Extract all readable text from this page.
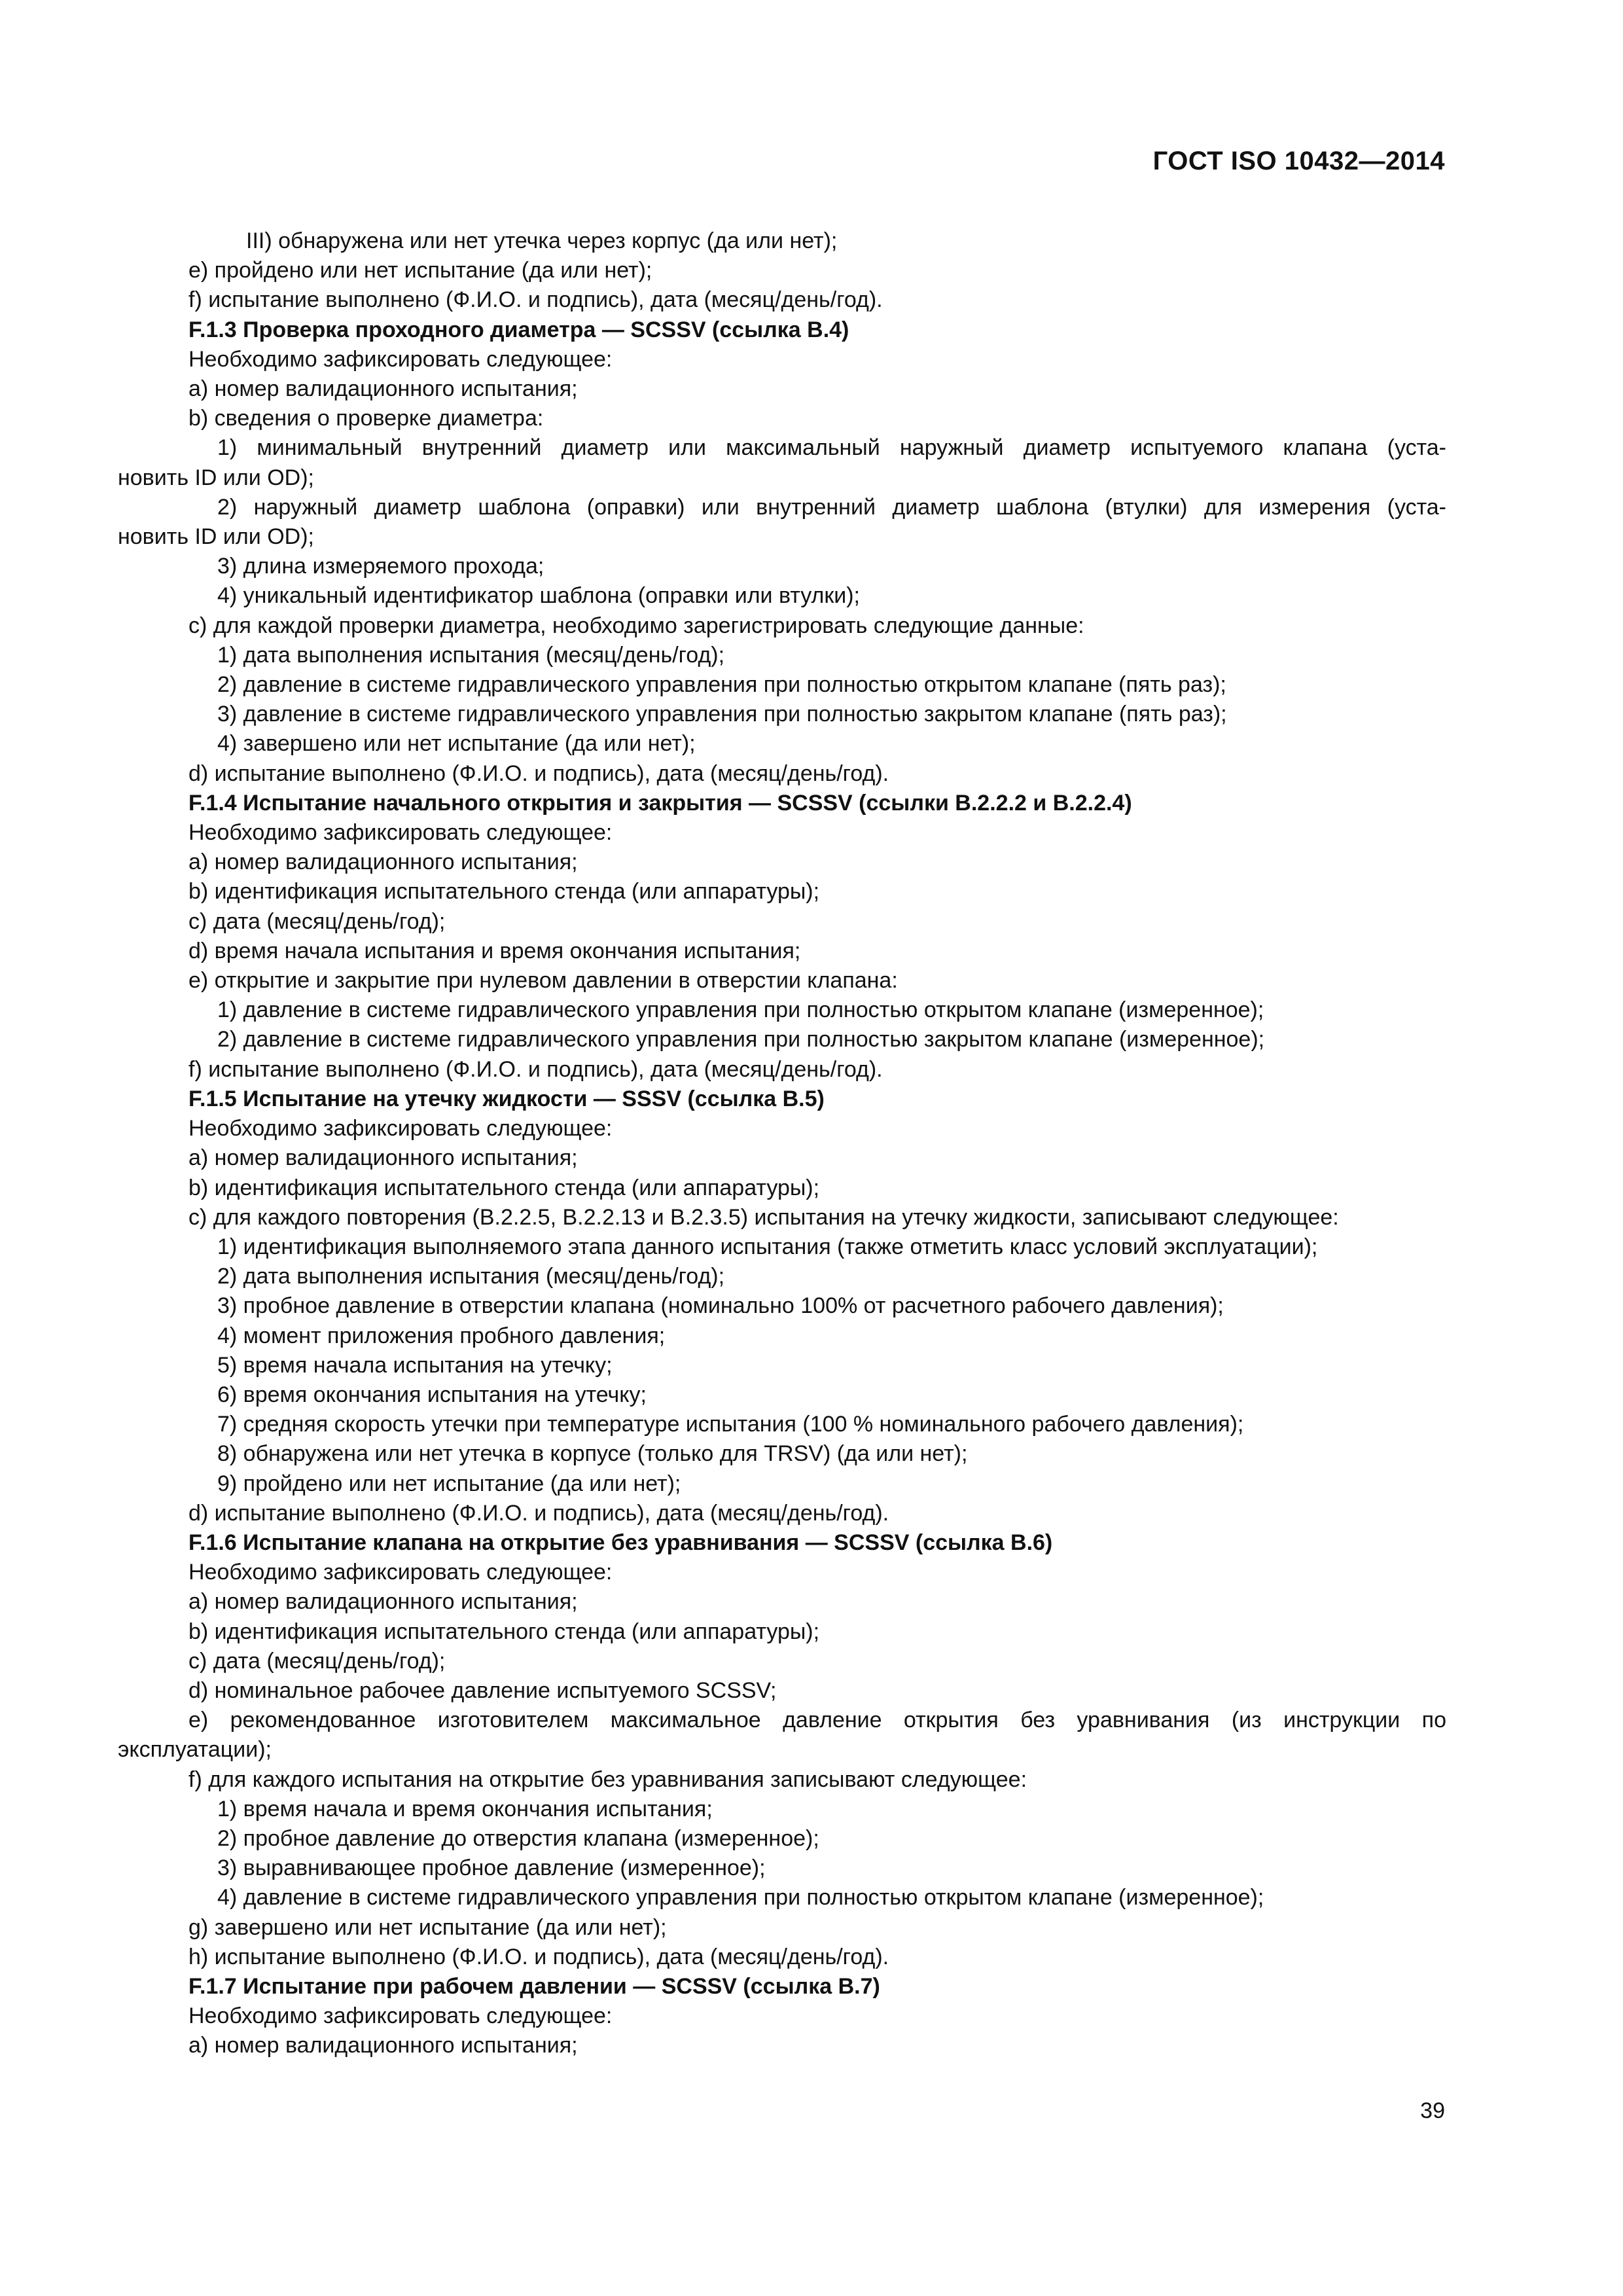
ГОСТ ISO 10432—2014
III) обнаружена или нет утечка через корпус (да или нет);
e) пройдено или нет испытание (да или нет);
f) испытание выполнено (Ф.И.О. и подпись), дата (месяц/день/год).
F.1.3 Проверка проходного диаметра — SCSSV (ссылка В.4)
Необходимо зафиксировать следующее:
a) номер валидационного испытания;
b) сведения о проверке диаметра:
1) минимальный внутренний диаметр или максимальный наружный диаметр испытуемого клапана (уста-
новить ID или OD);
2) наружный диаметр шаблона (оправки) или внутренний диаметр шаблона (втулки) для измерения (уста-
новить ID или OD);
3) длина измеряемого прохода;
4) уникальный идентификатор шаблона (оправки или втулки);
c) для каждой проверки диаметра, необходимо зарегистрировать следующие данные:
1) дата выполнения испытания (месяц/день/год);
2) давление в системе гидравлического управления при полностью открытом клапане (пять раз);
3) давление в системе гидравлического управления при полностью закрытом клапане (пять раз);
4) завершено или нет испытание (да или нет);
d) испытание выполнено (Ф.И.О. и подпись), дата (месяц/день/год).
F.1.4 Испытание начального открытия и закрытия — SCSSV (ссылки В.2.2.2 и В.2.2.4)
Необходимо зафиксировать следующее:
a) номер валидационного испытания;
b) идентификация испытательного стенда (или аппаратуры);
c) дата (месяц/день/год);
d) время начала испытания и время окончания испытания;
e) открытие и закрытие при нулевом давлении в отверстии клапана:
1) давление в системе гидравлического управления при полностью открытом клапане (измеренное);
2) давление в системе гидравлического управления при полностью закрытом клапане (измеренное);
f) испытание выполнено (Ф.И.О. и подпись), дата (месяц/день/год).
F.1.5 Испытание на утечку жидкости — SSSV (ссылка В.5)
Необходимо зафиксировать следующее:
a) номер валидационного испытания;
b) идентификация испытательного стенда (или аппаратуры);
c) для каждого повторения (В.2.2.5, В.2.2.13 и В.2.3.5) испытания на утечку жидкости, записывают следующее:
1) идентификация выполняемого этапа данного испытания (также отметить класс условий эксплуатации);
2) дата выполнения испытания (месяц/день/год);
3) пробное давление в отверстии клапана (номинально 100% от расчетного рабочего давления);
4) момент приложения пробного давления;
5) время начала испытания на утечку;
6) время окончания испытания на утечку;
7) средняя скорость утечки при температуре испытания (100 % номинального рабочего давления);
8) обнаружена или нет утечка в корпусе (только для TRSV) (да или нет);
9) пройдено или нет испытание (да или нет);
d) испытание выполнено (Ф.И.О. и подпись), дата (месяц/день/год).
F.1.6 Испытание клапана на открытие без уравнивания — SCSSV (ссылка В.6)
Необходимо зафиксировать следующее:
a) номер валидационного испытания;
b) идентификация испытательного стенда (или аппаратуры);
c) дата (месяц/день/год);
d) номинальное рабочее давление испытуемого SCSSV;
e) рекомендованное изготовителем максимальное давление открытия без уравнивания (из инструкции по
эксплуатации);
f) для каждого испытания на открытие без уравнивания записывают следующее:
1) время начала и время окончания испытания;
2) пробное давление до отверстия клапана (измеренное);
3) выравнивающее пробное давление (измеренное);
4) давление в системе гидравлического управления при полностью открытом клапане (измеренное);
g) завершено или нет испытание (да или нет);
h) испытание выполнено (Ф.И.О. и подпись), дата (месяц/день/год).
F.1.7 Испытание при рабочем давлении — SCSSV (ссылка В.7)
Необходимо зафиксировать следующее:
a) номер валидационного испытания;
39
